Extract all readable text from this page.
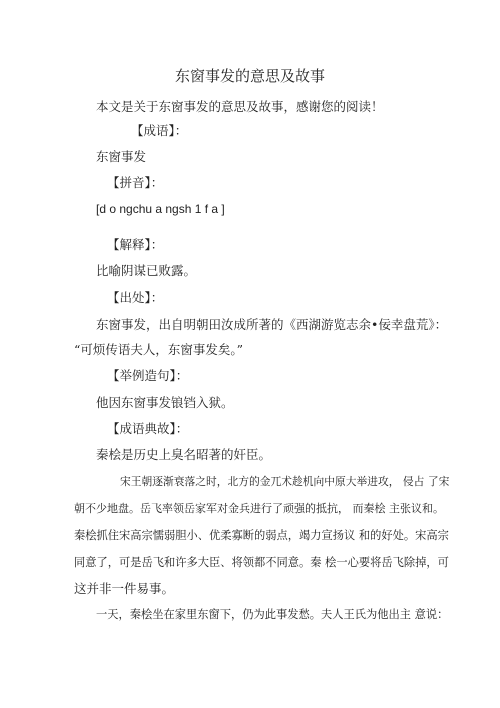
东窗事发的意思及故事
本文是关于东窗事发的意思及故事，感谢您的阅读！
【成语】：
东窗事发
【拼音】：
[d o ngchu a ngsh 1 f a ]
【解释】：
比喻阴谋已败露。
【出处】：
东窗事发，出自明朝田汝成所著的《西湖游览志余•佞幸盘荒》：
“可烦传语夫人，东窗事发矣。”
【举例造句】：
他因东窗事发锒铛入狱。
【成语典故】：
秦桧是历史上臭名昭著的奸臣。
宋王朝逐渐衰落之时，北方的金兀术趁机向中原大举进攻， 侵占 了宋
朝不少地盘。岳飞率领岳家军对金兵进行了顽强的抵抗， 而秦桧 主张议和。
秦桧抓住宋高宗懦弱胆小、优柔寡断的弱点，竭力宣扬议 和的好处。宋高宗
同意了，可是岳飞和许多大臣、将领都不同意。秦 桧一心要将岳飞除掉，可
这并非一件易事。
一天，秦桧坐在家里东窗下，仍为此事发愁。夫人王氏为他出主 意说：
